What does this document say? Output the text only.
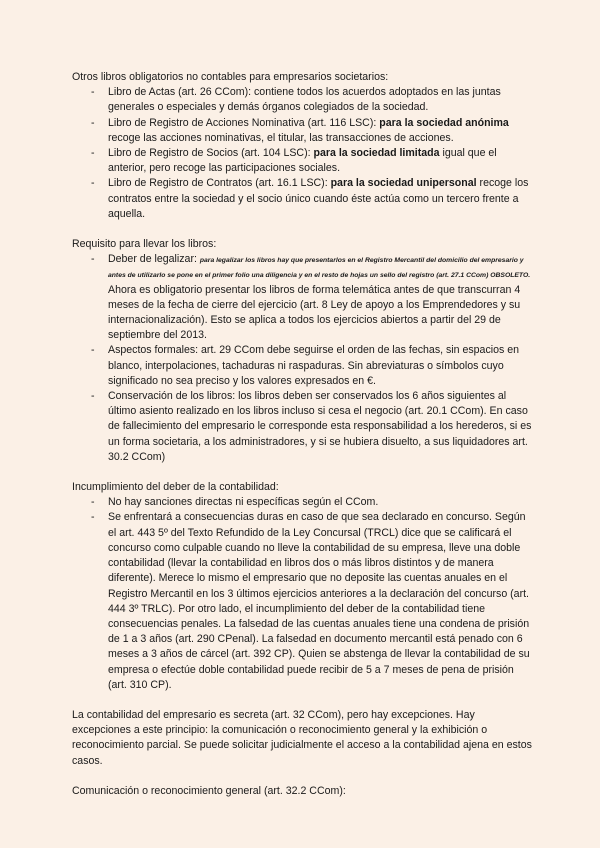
Otros libros obligatorios no contables para empresarios societarios:

- Libro de Actas (art. 26 CCom): contiene todos los acuerdos adoptados en las juntas generales o especiales y demás órganos colegiados de la sociedad.
- Libro de Registro de Acciones Nominativa (art. 116 LSC): para la sociedad anónima recoge las acciones nominativas, el titular, las transacciones de acciones.
- Libro de Registro de Socios (art. 104 LSC): para la sociedad limitada igual que el anterior, pero recoge las participaciones sociales.
- Libro de Registro de Contratos (art. 16.1 LSC): para la sociedad unipersonal recoge los contratos entre la sociedad y el socio único cuando éste actúa como un tercero frente a aquella.

Requisito para llevar los libros:

- Deber de legalizar: para legalizar los libros hay que presentarlos en el Registro Mercantil del domicilio del empresario y antes de utilizarlo se pone en el primer folio una diligencia y en el resto de hojas un sello del registro (art. 27.1 CCom) OBSOLETO. Ahora es obligatorio presentar los libros de forma telemática antes de que transcurran 4 meses de la fecha de cierre del ejercicio (art. 8 Ley de apoyo a los Emprendedores y su internacionalización). Esto se aplica a todos los ejercicios abiertos a partir del 29 de septiembre del 2013.
- Aspectos formales: art. 29 CCom debe seguirse el orden de las fechas, sin espacios en blanco, interpolaciones, tachaduras ni raspaduras. Sin abreviaturas o símbolos cuyo significado no sea preciso y los valores expresados en €.
- Conservación de los libros: los libros deben ser conservados los 6 años siguientes al último asiento realizado en los libros incluso si cesa el negocio (art. 20.1 CCom). En caso de fallecimiento del empresario le corresponde esta responsabilidad a los herederos, si es un forma societaria, a los administradores, y si se hubiera disuelto, a sus liquidadores art. 30.2 CCom)

Incumplimiento del deber de la contabilidad:

- No hay sanciones directas ni específicas según el CCom.
- Se enfrentará a consecuencias duras en caso de que sea declarado en concurso. Según el art. 443 5º del Texto Refundido de la Ley Concursal (TRCL) dice que se calificará el concurso como culpable cuando no lleve la contabilidad de su empresa, lleve una doble contabilidad (llevar la contabilidad en libros dos o más libros distintos y de manera diferente). Merece lo mismo el empresario que no deposite las cuentas anuales en el Registro Mercantil en los 3 últimos ejercicios anteriores a la declaración del concurso (art. 444 3º TRLC). Por otro lado, el incumplimiento del deber de la contabilidad tiene consecuencias penales. La falsedad de las cuentas anuales tiene una condena de prisión de 1 a 3 años (art. 290 CPenal). La falsedad en documento mercantil está penado con 6 meses a 3 años de cárcel (art. 392 CP). Quien se abstenga de llevar la contabilidad de su empresa o efectúe doble contabilidad puede recibir de 5 a 7 meses de pena de prisión (art. 310 CP).

La contabilidad del empresario es secreta (art. 32 CCom), pero hay excepciones. Hay excepciones a este principio: la comunicación o reconocimiento general y la exhibición o reconocimiento parcial. Se puede solicitar judicialmente el acceso a la contabilidad ajena en estos casos.

Comunicación o reconocimiento general (art. 32.2 CCom):
